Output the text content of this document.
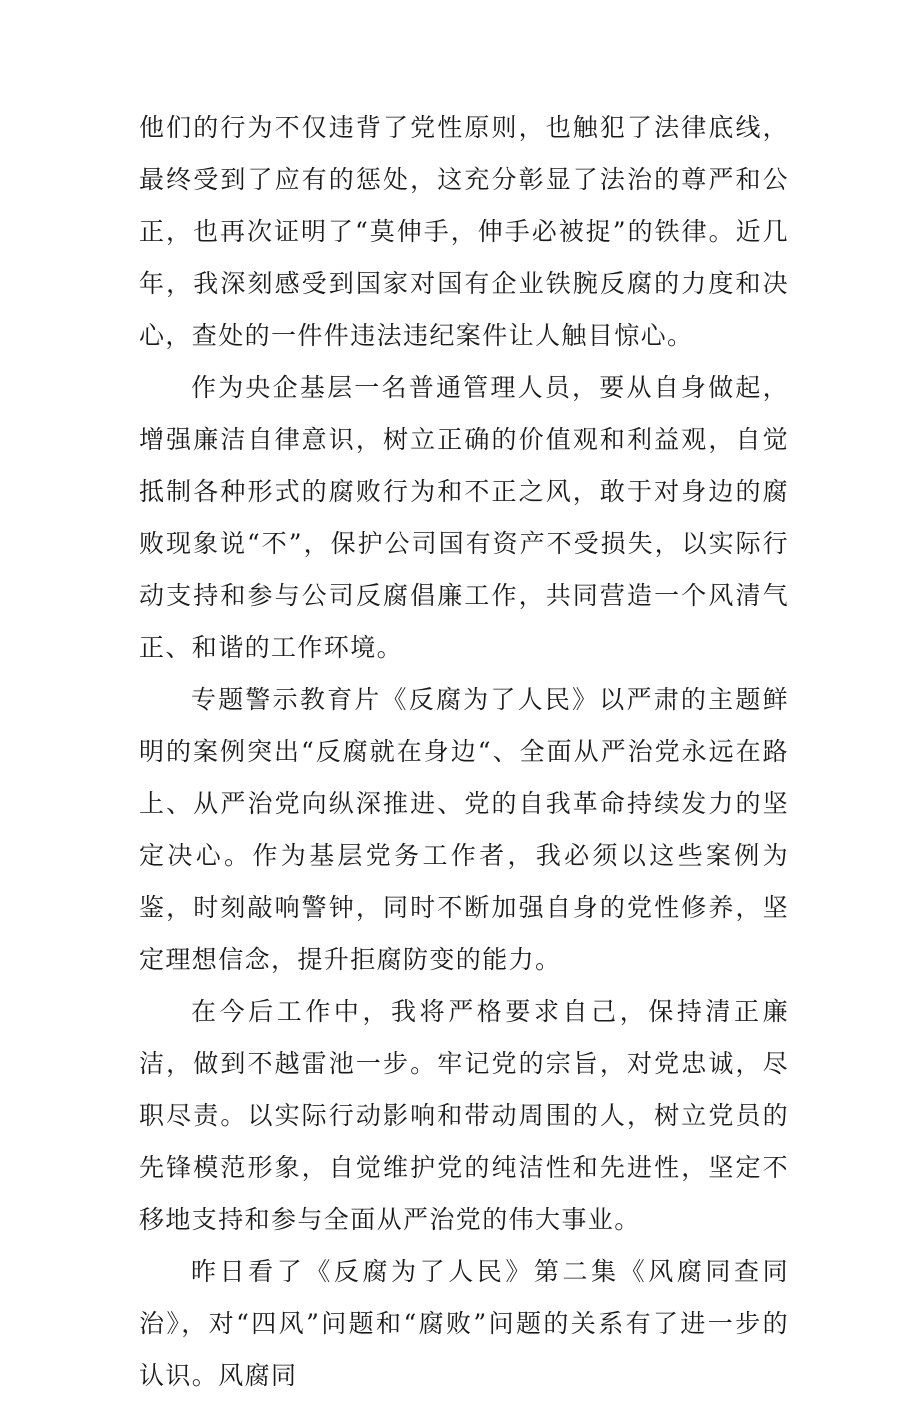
他们的行为不仅违背了党性原则，也触犯了法律底线，最终受到了应有的惩处，这充分彰显了法治的尊严和公正，也再次证明了“莫伸手，伸手必被捉”的铁律。近几年，我深刻感受到国家对国有企业铁腕反腐的力度和决心，查处的一件件违法违纪案件让人触目惊心。

作为央企基层一名普通管理人员，要从自身做起，增强廉洁自律意识，树立正确的价值观和利益观，自觉抵制各种形式的腐败行为和不正之风，敢于对身边的腐败现象说“不”，保护公司国有资产不受损失，以实际行动支持和参与公司反腐倡廉工作，共同营造一个风清气正、和谐的工作环境。

专题警示教育片《反腐为了人民》以严肃的主题鲜明的案例突出“反腐就在身边“、全面从严治党永远在路上、从严治党向纵深推进、党的自我革命持续发力的坚定决心。作为基层党务工作者，我必须以这些案例为鉴，时刻敲响警钟，同时不断加强自身的党性修养，坚定理想信念，提升拒腐防变的能力。

在今后工作中，我将严格要求自己，保持清正廉洁，做到不越雷池一步。牢记党的宗旨，对党忠诚，尽职尽责。以实际行动影响和带动周围的人，树立党员的先锋模范形象，自觉维护党的纯洁性和先进性，坚定不移地支持和参与全面从严治党的伟大事业。

昨日看了《反腐为了人民》第二集《风腐同查同治》，对“四风”问题和“腐败”问题的关系有了进一步的认识。风腐同
